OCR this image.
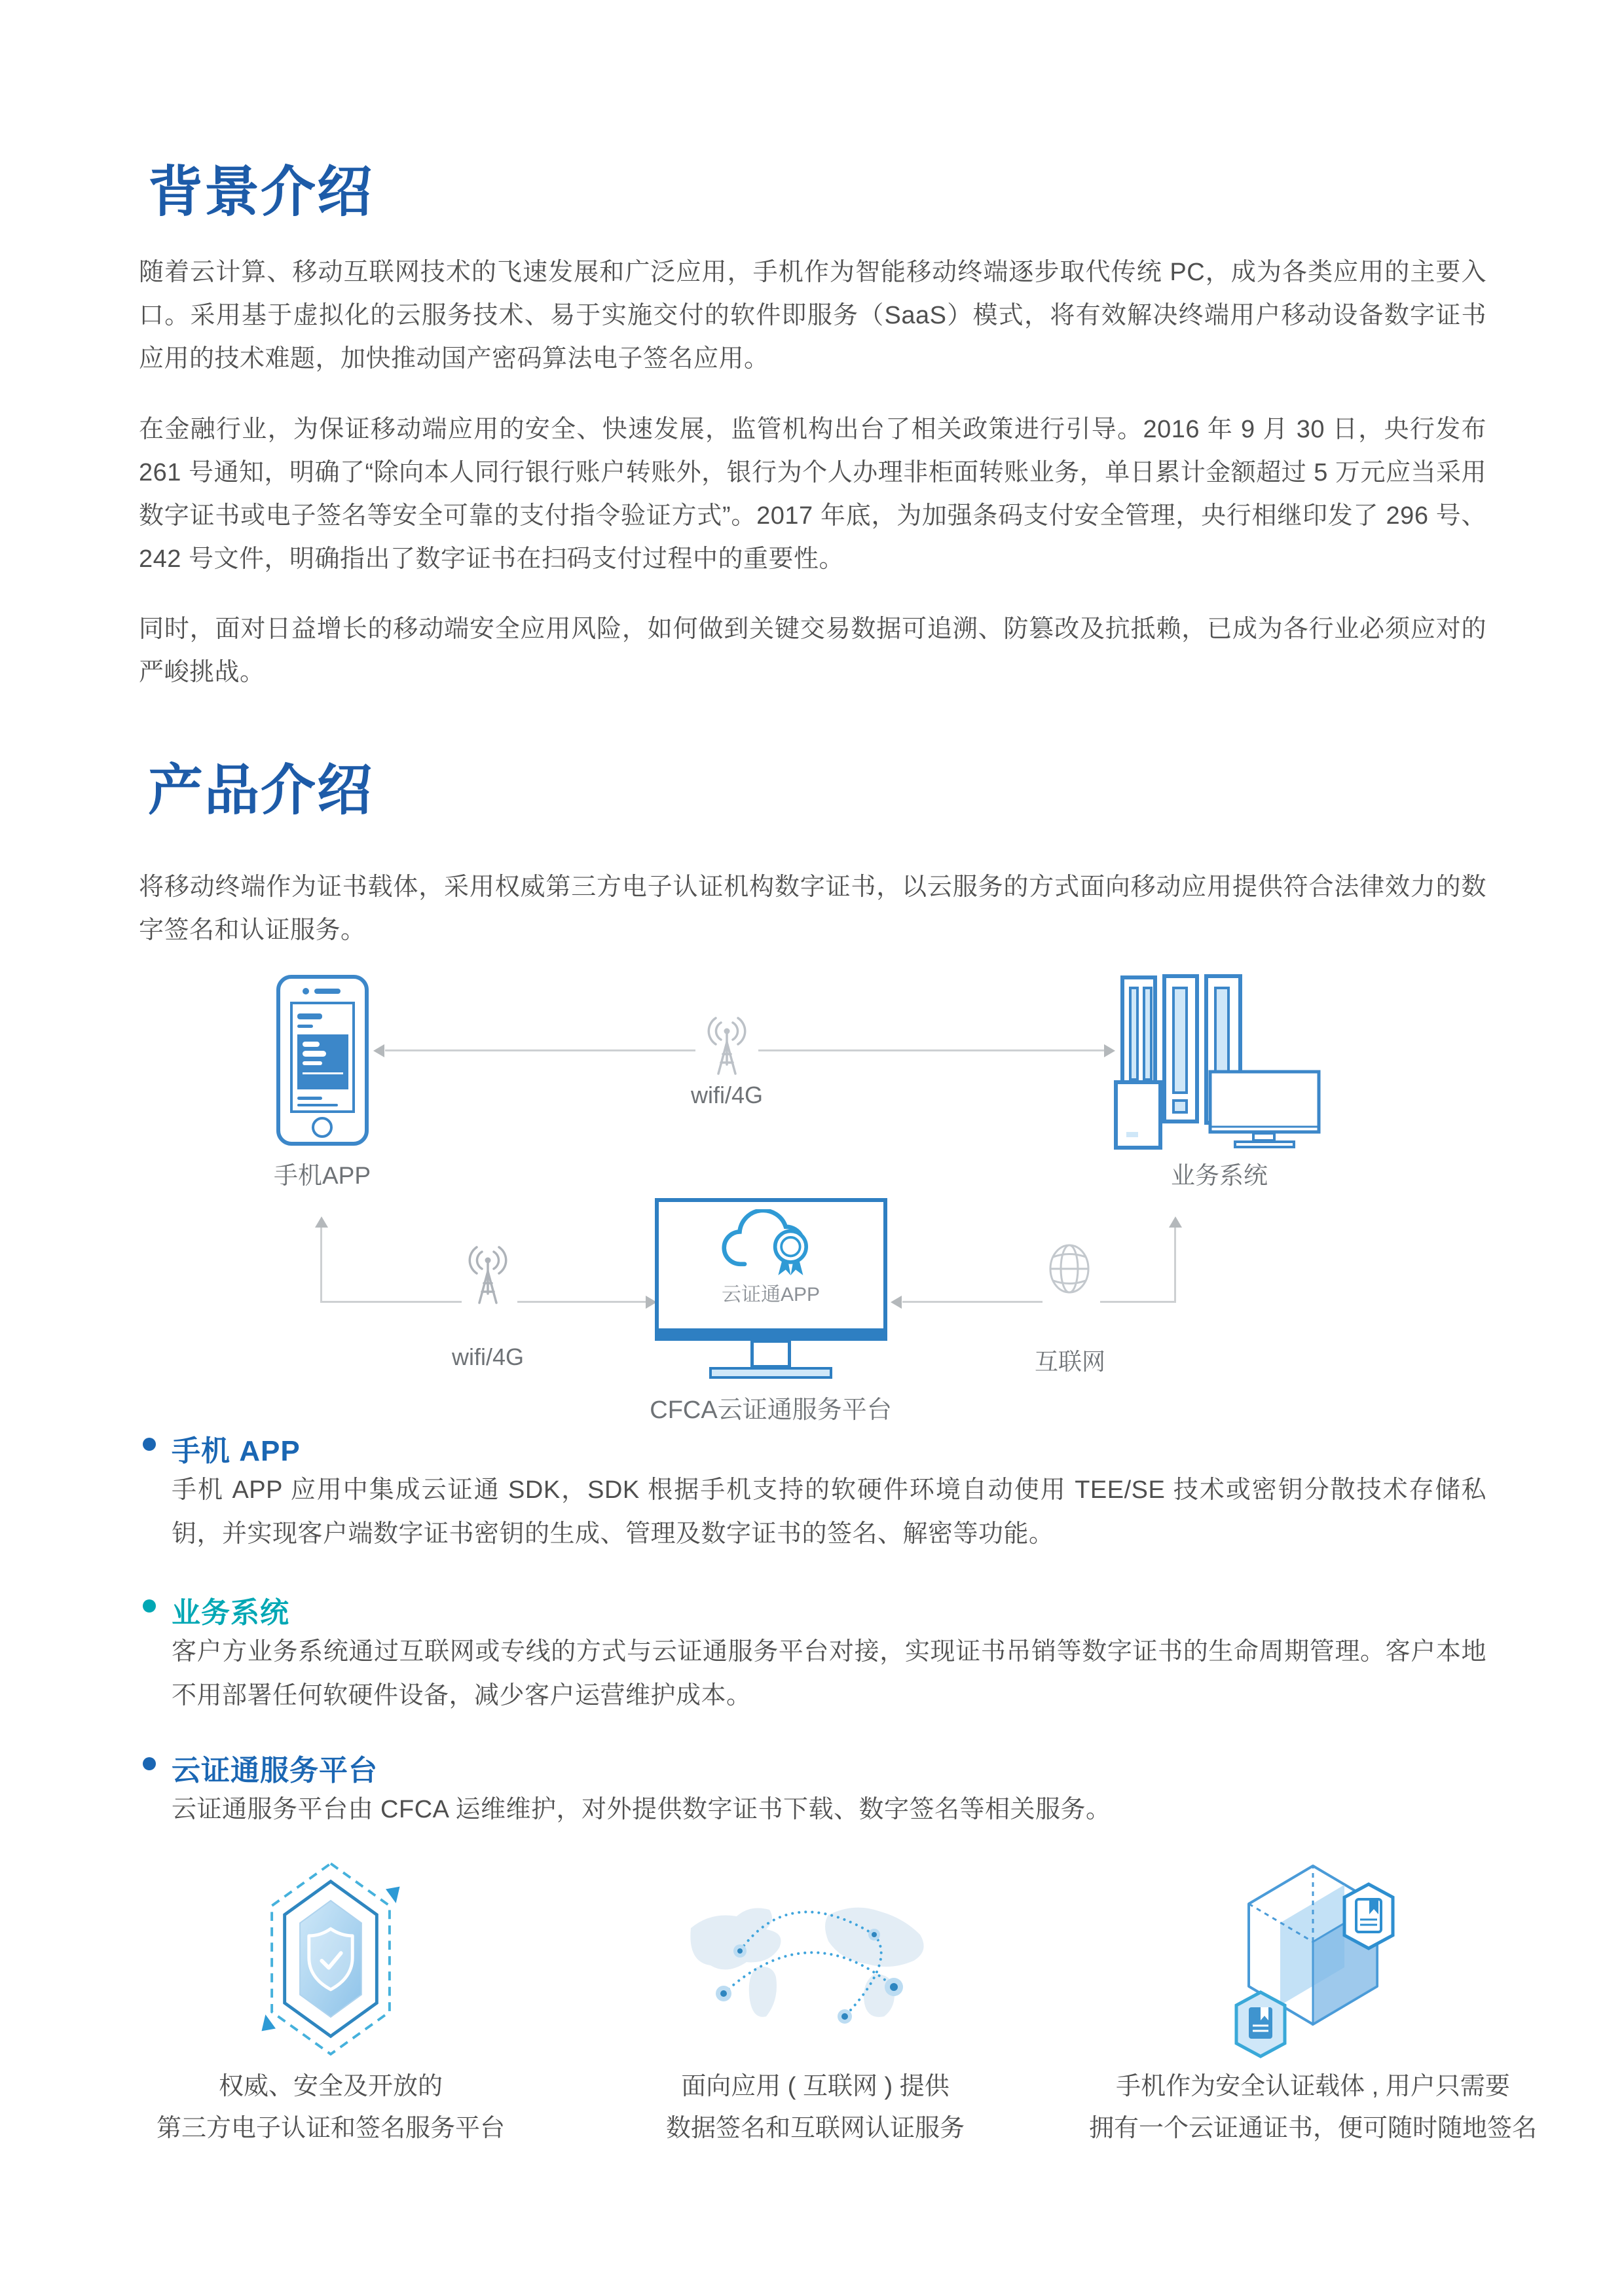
背景介绍

随着云计算、移动互联网技术的飞速发展和广泛应用，手机作为智能移动终端逐步取代传统 PC，成为各类应用的主要入口。采用基于虚拟化的云服务技术、易于实施交付的软件即服务（SaaS）模式，将有效解决终端用户移动设备数字证书应用的技术难题，加快推动国产密码算法电子签名应用。

在金融行业，为保证移动端应用的安全、快速发展，监管机构出台了相关政策进行引导。2016 年 9 月 30 日，央行发布 261 号通知，明确了“除向本人同行银行账户转账外，银行为个人办理非柜面转账业务，单日累计金额超过 5 万元应当采用数字证书或电子签名等安全可靠的支付指令验证方式”。2017 年底，为加强条码支付安全管理，央行相继印发了 296 号、242 号文件，明确指出了数字证书在扫码支付过程中的重要性。

同时，面对日益增长的移动端安全应用风险，如何做到关键交易数据可追溯、防篡改及抗抵赖，已成为各行业必须应对的严峻挑战。

产品介绍

将移动终端作为证书载体，采用权威第三方电子认证机构数字证书，以云服务的方式面向移动应用提供符合法律效力的数字签名和认证服务。

手机APP	业务系统
wifi/4G
wifi/4G
云证通APP
CFCA云证通服务平台
互联网
手机 APP

手机 APP 应用中集成云证通 SDK，SDK 根据手机支持的软硬件环境自动使用 TEE/SE 技术或密钥分散技术存储私钥，并实现客户端数字证书密钥的生成、管理及数字证书的签名、解密等功能。

业务系统

客户方业务系统通过互联网或专线的方式与云证通服务平台对接，实现证书吊销等数字证书的生命周期管理。客户本地不用部署任何软硬件设备，减少客户运营维护成本。

云证通服务平台

云证通服务平台由 CFCA 运维维护，对外提供数字证书下载、数字签名等相关服务。

权威、安全及开放的
第三方电子认证和签名服务平台
面向应用 ( 互联网 ) 提供
数据签名和互联网认证服务
手机作为安全认证载体 , 用户只需要
拥有一个云证通证书，便可随时随地签名
